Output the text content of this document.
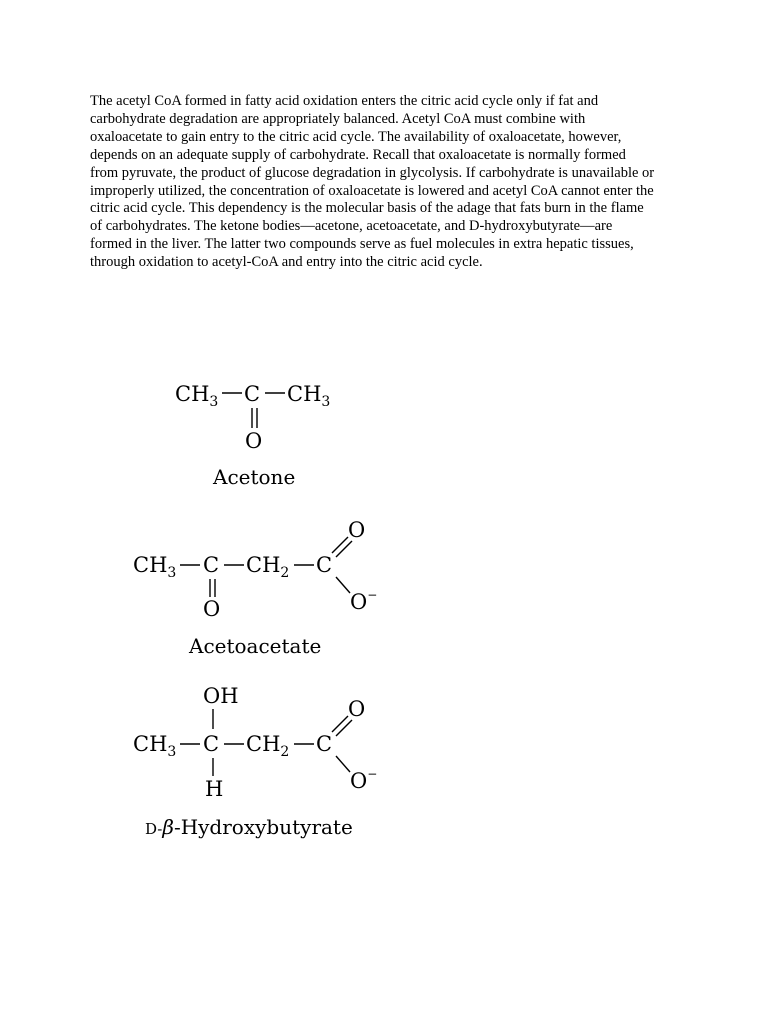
The acetyl CoA formed in fatty acid oxidation enters the citric acid cycle only if fat and
carbohydrate degradation are appropriately balanced. Acetyl CoA must combine with
oxaloacetate to gain entry to the citric acid cycle. The availability of oxaloacetate, however,
depends on an adequate supply of carbohydrate. Recall that oxaloacetate is normally formed
from pyruvate, the product of glucose degradation in glycolysis. If carbohydrate is unavailable or
improperly utilized, the concentration of oxaloacetate is lowered and acetyl CoA cannot enter the
citric acid cycle. This dependency is the molecular basis of the adage that fats burn in the flame
of carbohydrates. The ketone bodies—acetone, acetoacetate, and D-hydroxybutyrate—are
formed in the liver. The latter two compounds serve as fuel molecules in extra hepatic tissues,
through oxidation to acetyl-CoA and entry into the citric acid cycle.

$CH_3$ C $CH_3$
O
Acetone
$CH_3$ C $CH_2$ C
O
O
O−
Acetoacetate
OH
$CH_3$ C $CH_2$ C
H
O
O−
D-β-Hydroxybutyrate
